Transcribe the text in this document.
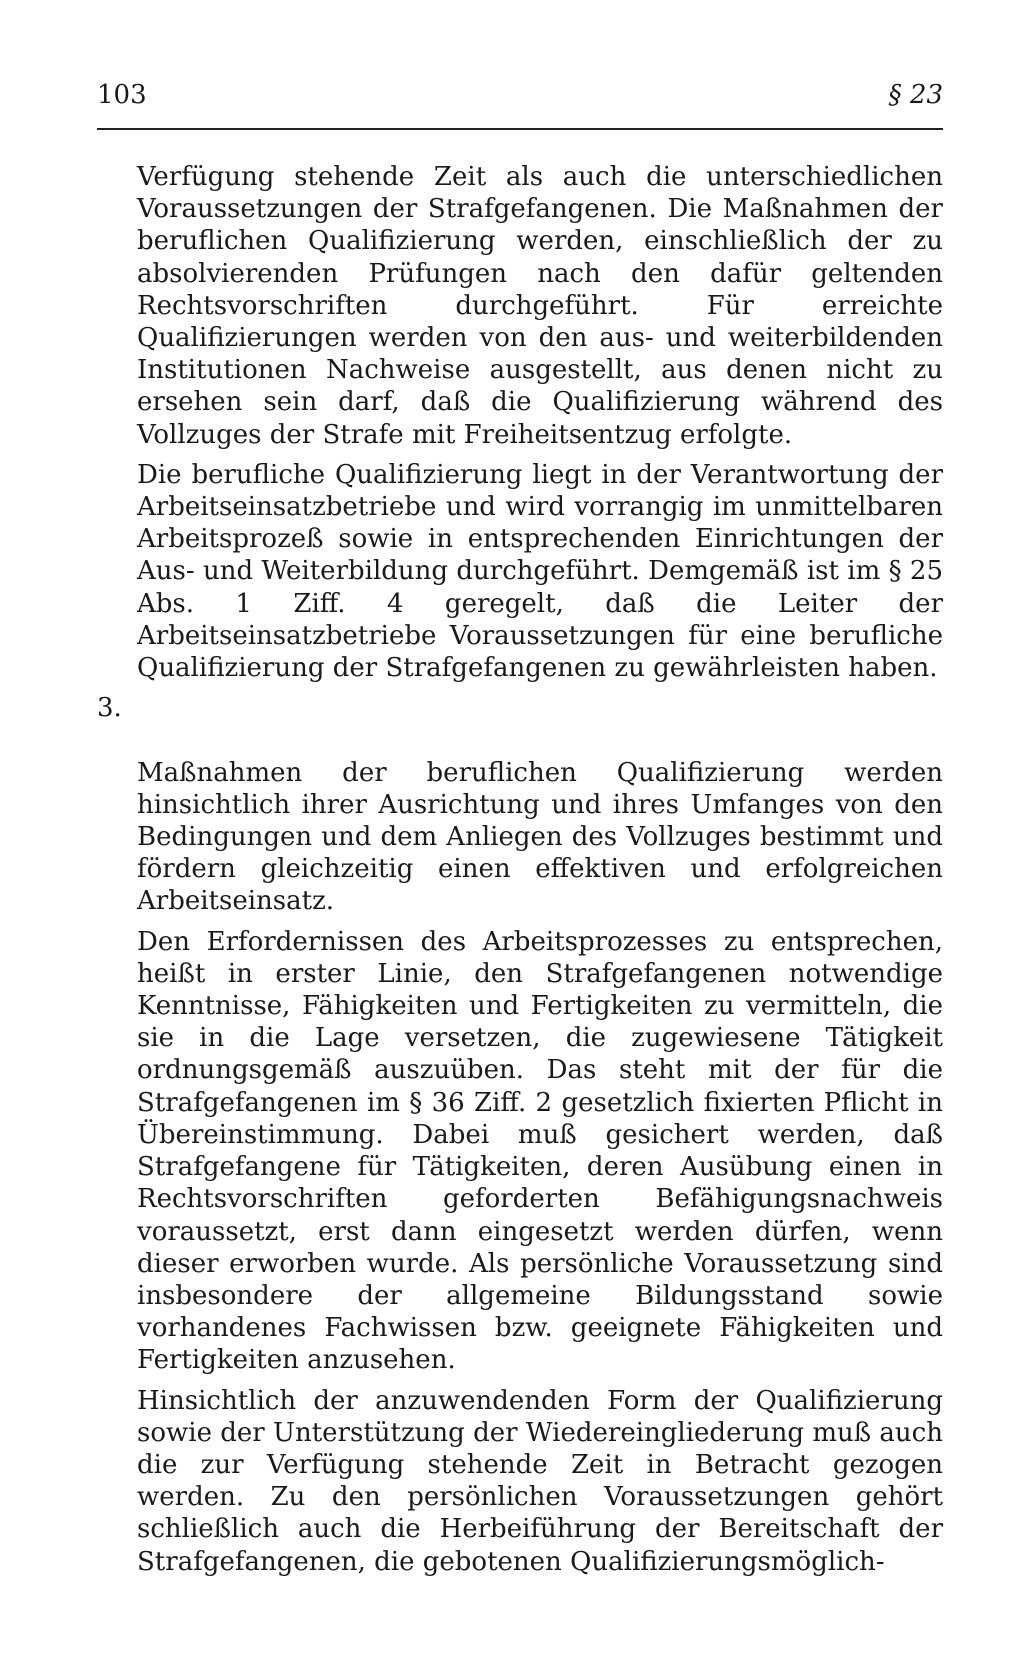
103	§ 23

Verfügung stehende Zeit als auch die unterschiedlichen Voraussetzungen der Strafgefangenen. Die Maßnahmen der beruflichen Qualifizierung werden, einschließlich der zu absolvierenden Prüfungen nach den dafür geltenden Rechtsvorschriften durchgeführt. Für erreichte Qualifizierungen werden von den aus- und weiterbildenden Institutionen Nachweise ausgestellt, aus denen nicht zu ersehen sein darf, daß die Qualifizierung während des Vollzuges der Strafe mit Freiheitsentzug erfolgte.

Die berufliche Qualifizierung liegt in der Verantwortung der Arbeitseinsatzbetriebe und wird vorrangig im unmittelbaren Arbeitsprozeß sowie in entsprechenden Einrichtungen der Aus- und Weiterbildung durchgeführt. Demgemäß ist im § 25 Abs. 1 Ziff. 4 geregelt, daß die Leiter der Arbeitseinsatzbetriebe Voraussetzungen für eine berufliche Qualifizierung der Strafgefangenen zu gewährleisten haben.

3.

Maßnahmen der beruflichen Qualifizierung werden hinsichtlich ihrer Ausrichtung und ihres Umfanges von den Bedingungen und dem Anliegen des Vollzuges bestimmt und fördern gleichzeitig einen effektiven und erfolgreichen Arbeitseinsatz.

Den Erfordernissen des Arbeitsprozesses zu entsprechen, heißt in erster Linie, den Strafgefangenen notwendige Kenntnisse, Fähigkeiten und Fertigkeiten zu vermitteln, die sie in die Lage versetzen, die zugewiesene Tätigkeit ordnungsgemäß auszuüben. Das steht mit der für die Strafgefangenen im § 36 Ziff. 2 gesetzlich fixierten Pflicht in Übereinstimmung. Dabei muß gesichert werden, daß Strafgefangene für Tätigkeiten, deren Ausübung einen in Rechtsvorschriften geforderten Befähigungsnachweis voraussetzt, erst dann eingesetzt werden dürfen, wenn dieser erworben wurde. Als persönliche Voraussetzung sind insbesondere der allgemeine Bildungsstand sowie vorhandenes Fachwissen bzw. geeignete Fähigkeiten und Fertigkeiten anzusehen.

Hinsichtlich der anzuwendenden Form der Qualifizierung sowie der Unterstützung der Wiedereingliederung muß auch die zur Verfügung stehende Zeit in Betracht gezogen werden. Zu den persönlichen Voraussetzungen gehört schließlich auch die Herbeiführung der Bereitschaft der Strafgefangenen, die gebotenen Qualifizierungsmöglich-
